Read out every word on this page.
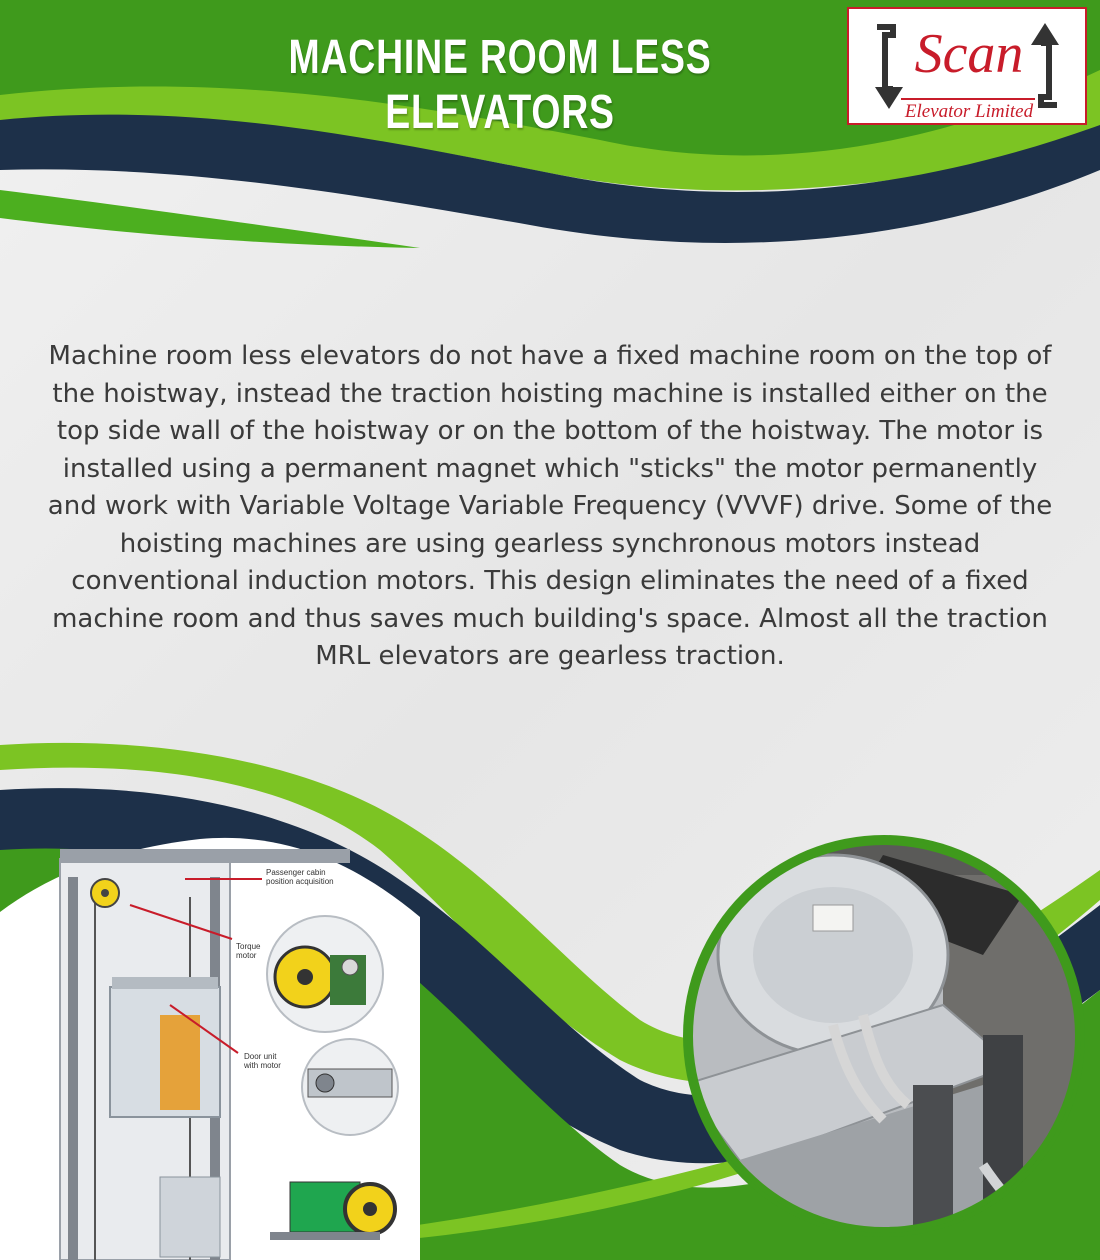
MACHINE ROOM LESS ELEVATORS
Scan
Elevator Limited

Machine room less elevators do not have a fixed machine room on the top of the hoistway, instead the traction hoisting machine is installed either on the top side wall of the hoistway or on the bottom of the hoistway. The motor is installed using a permanent magnet which "sticks" the motor permanently and work with Variable Voltage Variable Frequency (VVVF) drive. Some of the hoisting machines are using gearless synchronous motors instead conventional induction motors. This design eliminates the need of a fixed machine room and thus saves much building's space. Almost all the traction MRL elevators are gearless traction.

Passenger cabin
position acquisition
Torque
motor
Door unit
with motor
